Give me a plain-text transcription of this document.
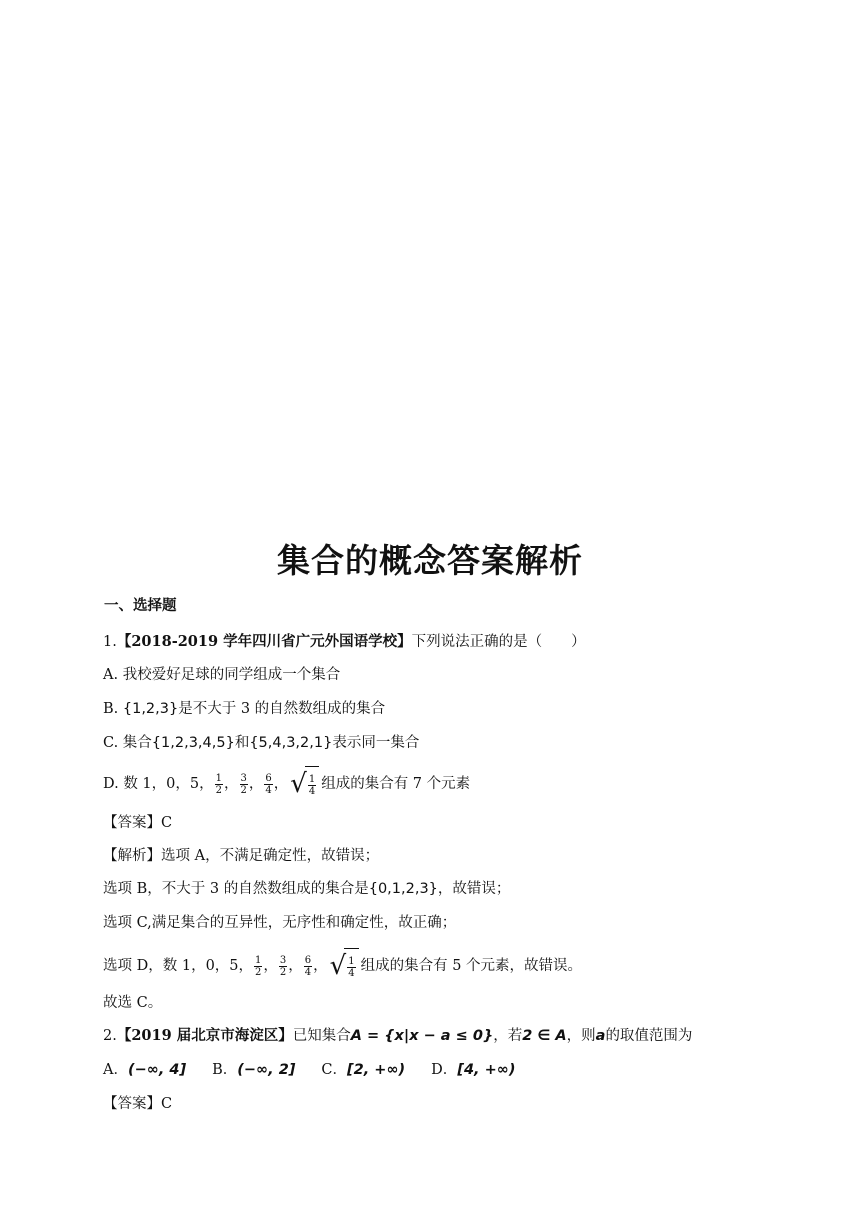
集合的概念答案解析
一、选择题
1.【2018-2019 学年四川省广元外国语学校】下列说法正确的是（　　）
A. 我校爱好足球的同学组成一个集合
B. {1,2,3}是不大于 3 的自然数组成的集合
C. 集合{1,2,3,4,5}和{5,4,3,2,1}表示同一集合
D. 数 1，0，5， $\frac{1}{2}$ ， $\frac{3}{2}$ ， $\frac{6}{4}$ ，√ $\frac{1}{4}$ 组成的集合有 7 个元素
【答案】C
【解析】选项 A，不满足确定性，故错误；
选项 B，不大于 3 的自然数组成的集合是{0,1,2,3}，故错误；
选项 C,满足集合的互异性，无序性和确定性，故正确；
选项 D，数 1，0，5， $\frac{1}{2}$ ， $\frac{3}{2}$ ， $\frac{6}{4}$ ，√ $\frac{1}{4}$ 组成的集合有 5 个元素，故错误。
故选 C。
2.【2019 届北京市海淀区】已知集合A = {x|x − a ≤ 0}，若2 ∈ A，则a的取值范围为
A．(−∞, 4] B．(−∞, 2] C．[2, +∞) D．[4, +∞)
【答案】C
